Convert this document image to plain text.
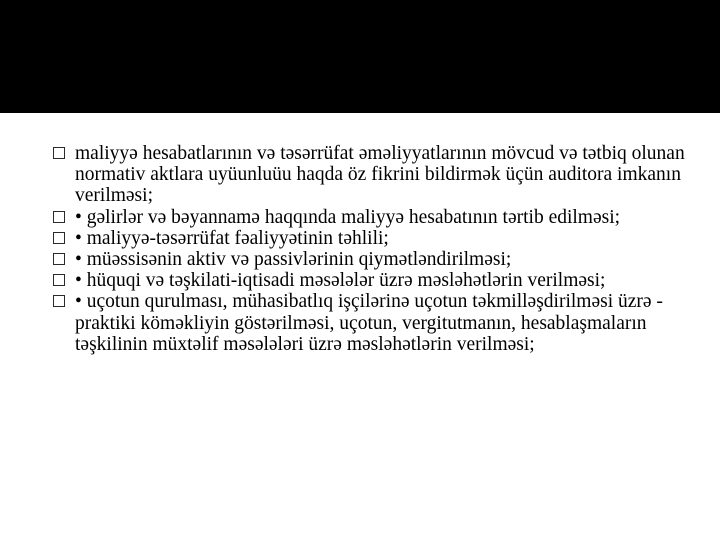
maliyyə hesabatlarının və təsərrüfat əməliyyatlarının mövcud və tətbiq olunan normativ aktlara uyüunluüu haqda öz fikrini bildirmək üçün auditora imkanın verilməsi;
• gəlirlər və bəyannamə haqqında maliyyə hesabatının tərtib edilməsi;
• maliyyə-təsərrüfat fəaliyyətinin təhlili;
• müəssisənin aktiv və passivlərinin qiymətləndirilməsi;
• hüquqi və təşkilati-iqtisadi məsələlər üzrə məsləhətlərin verilməsi;
• uçotun qurulması, mühasibatlıq işçilərinə uçotun təkmilləşdirilməsi üzrə -praktiki köməkliyin göstərilməsi, uçotun, vergitutmanın, hesablaşmaların təşkilinin müxtəlif məsələləri üzrə məsləhətlərin verilməsi;
